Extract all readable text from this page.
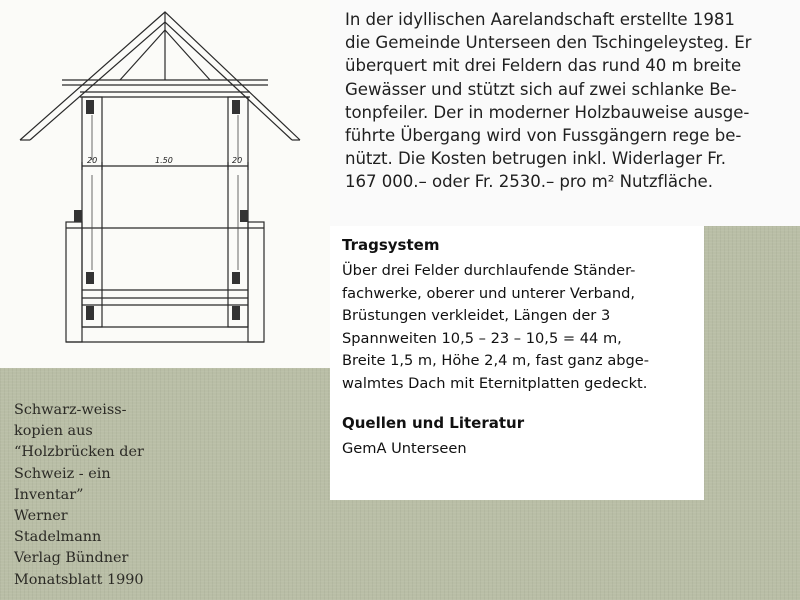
20	1.50	20

In der idyllischen Aarelandschaft erstellte 1981
die Gemeinde Unterseen den Tschingeleysteg. Er
überquert mit drei Feldern das rund 40 m breite
Gewässer und stützt sich auf zwei schlanke Be-
tonpfeiler. Der in moderner Holzbauweise ausge-
führte Übergang wird von Fussgängern rege be-
nützt. Die Kosten betrugen inkl. Widerlager Fr.
167 000.– oder Fr. 2530.– pro m² Nutzfläche.

Tragsystem
Über drei Felder durchlaufende Ständer-
fachwerke, oberer und unterer Verband,
Brüstungen verkleidet, Längen der 3
Spannweiten 10,5 – 23 – 10,5 = 44 m,
Breite 1,5 m, Höhe 2,4 m, fast ganz abge-
walmtes Dach mit Eternitplatten gedeckt.
Quellen und Literatur
GemA Unterseen
Schwarz-weiss-
kopien aus
“Holzbrücken der
Schweiz - ein
Inventar”
Werner
Stadelmann
Verlag Bündner
Monatsblatt 1990
